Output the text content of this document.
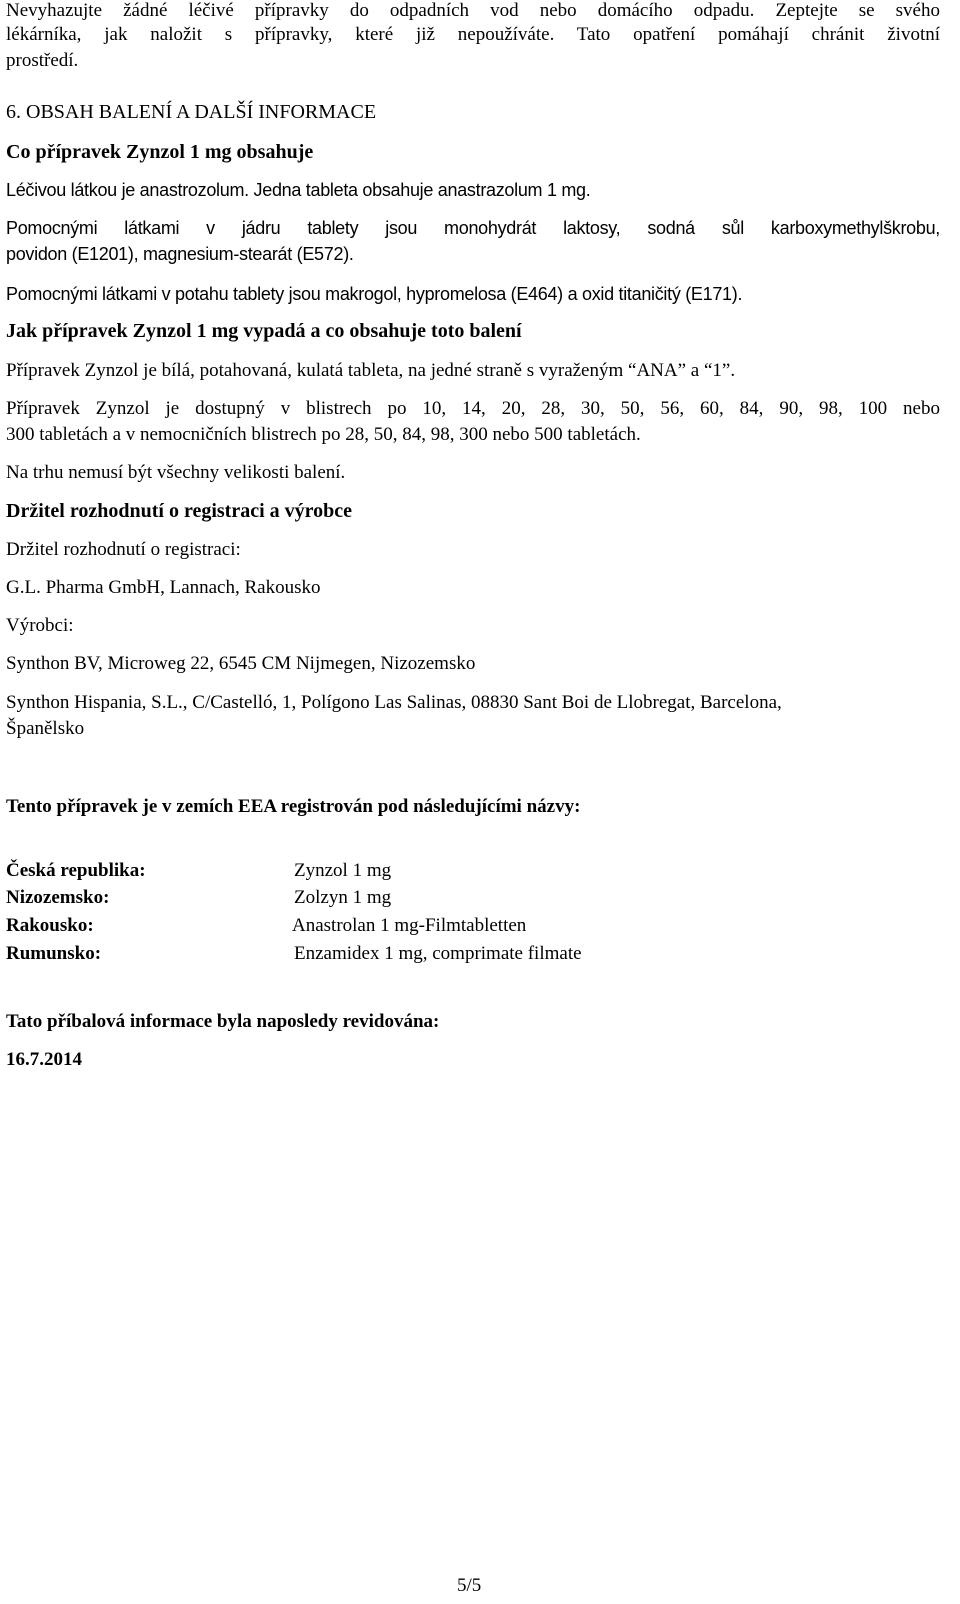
Nevyhazujte žádné léčivé přípravky do odpadních vod nebo domácího odpadu. Zeptejte se svého
lékárníka, jak naložit s přípravky, které již nepoužíváte. Tato opatření pomáhají chránit životní
prostředí.
6. OBSAH BALENÍ A DALŠÍ INFORMACE
Co přípravek Zynzol 1 mg obsahuje
Léčivou látkou je anastrozolum. Jedna tableta obsahuje anastrazolum 1 mg.
Pomocnými látkami v jádru tablety jsou monohydrát laktosy, sodná sůl karboxymethylškrobu,
povidon (E1201), magnesium-stearát (E572).
Pomocnými látkami v potahu tablety jsou makrogol, hypromelosa (E464) a oxid titaničitý (E171).
Jak přípravek Zynzol 1 mg vypadá a co obsahuje toto balení
Přípravek Zynzol je bílá, potahovaná, kulatá tableta, na jedné straně s vyraženým “ANA” a “1”.
Přípravek Zynzol je dostupný v blistrech po 10, 14, 20, 28, 30, 50, 56, 60, 84, 90, 98, 100 nebo
300 tabletách a v nemocničních blistrech po 28, 50, 84, 98, 300 nebo 500 tabletách.
Na trhu nemusí být všechny velikosti balení.
Držitel rozhodnutí o registraci a výrobce
Držitel rozhodnutí o registraci:
G.L. Pharma GmbH, Lannach, Rakousko
Výrobci:
Synthon BV, Microweg 22, 6545 CM Nijmegen, Nizozemsko
Synthon Hispania, S.L., C/Castelló, 1, Polígono Las Salinas, 08830 Sant Boi de Llobregat, Barcelona,
Španělsko
Tento přípravek je v zemích EEA registrován pod následujícími názvy:
Česká republika:	Zynzol 1 mg
Nizozemsko:	Zolzyn 1 mg
Rakousko:	Anastrolan 1 mg-Filmtabletten
Rumunsko:	Enzamidex 1 mg, comprimate filmate
Tato příbalová informace byla naposledy revidována:
16.7.2014
5/5
